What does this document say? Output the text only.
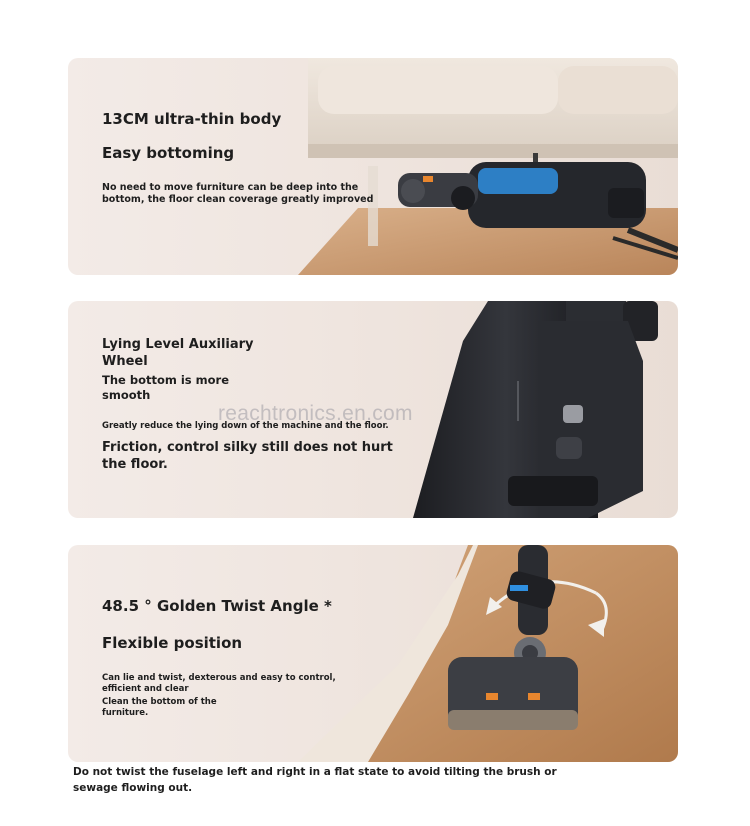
13CM ultra-thin body

Easy bottoming

No need to move furniture can be deep into the bottom, the floor clean coverage greatly improved

Lying Level Auxiliary

Wheel

The bottom is more

smooth

Greatly reduce the lying down of the machine and the floor.

Friction, control silky still does not hurt the floor.

48.5 ° Golden Twist Angle *

Flexible position

Can lie and twist, dexterous and easy to control, efficient and clear

Clean the bottom of the furniture.

reachtronics.en.com

Do not twist the fuselage left and right in a flat state to avoid tilting the brush or sewage flowing out.
